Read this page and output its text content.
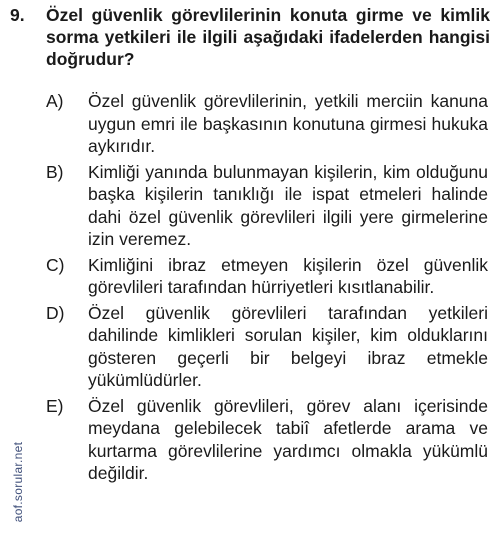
9.	Özel güvenlik görevlilerinin konuta girme ve kimlik sorma yetkileri ile ilgili aşağıdaki ifadelerden hangisi doğrudur?
A)	Özel güvenlik görevlilerinin, yetkili merciin kanuna uygun emri ile başkasının konutuna girmesi hukuka aykırıdır.
B)	Kimliği yanında bulunmayan kişilerin, kim olduğunu başka kişilerin tanıklığı ile ispat etmeleri halinde dahi özel güvenlik görevlileri ilgili yere girmelerine izin veremez.
C)	Kimliğini ibraz etmeyen kişilerin özel güvenlik görevlileri tarafından hürriyetleri kısıtlanabilir.
D)	Özel güvenlik görevlileri tarafından yetkileri dahilinde kimlikleri sorulan kişiler, kim olduklarını gösteren geçerli bir belgeyi ibraz etmekle yükümlüdürler.
E)	Özel güvenlik görevlileri, görev alanı içerisinde meydana gelebilecek tabiî afetlerde arama ve kurtarma görevlilerine yardımcı olmakla yükümlü değildir.
aof.sorular.net
